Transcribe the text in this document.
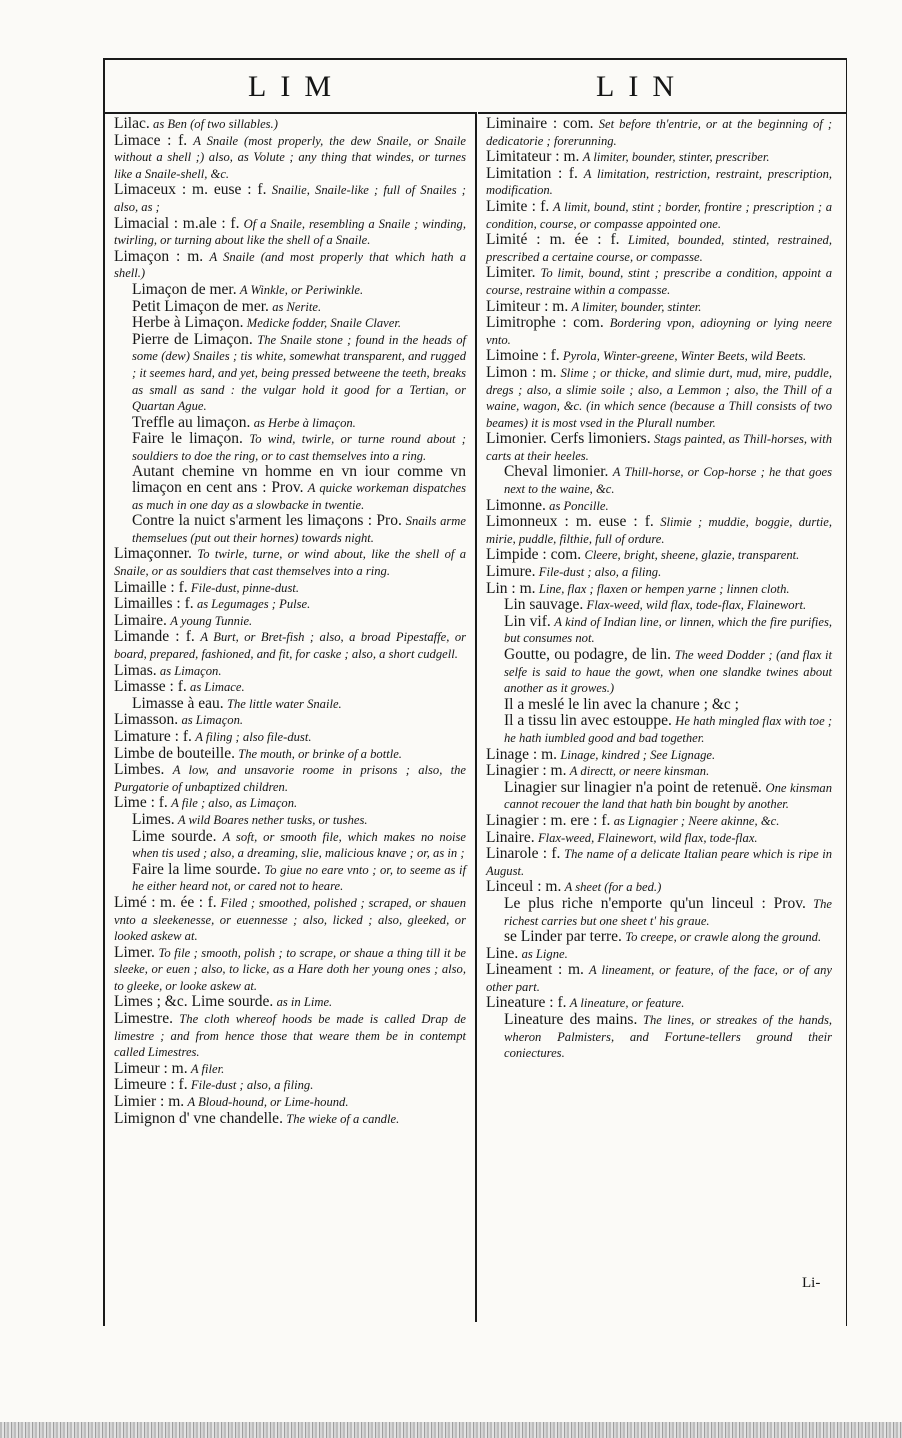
LIM	LIN

Lilac. as Ben (of two sillables.)

Limace : f. A Snaile (most properly, the dew Snaile, or Snaile without a shell ;) also, as Volute ; any thing that windes, or turnes like a Snaile-shell, &c.

Limaceux : m. euse : f. Snailie, Snaile-like ; full of Snailes ; also, as ;

Limacial : m.ale : f. Of a Snaile, resembling a Snaile ; winding, twirling, or turning about like the shell of a Snaile.

Limaçon : m. A Snaile (and most properly that which hath a shell.)

Limaçon de mer. A Winkle, or Periwinkle.

Petit Limaçon de mer. as Nerite.

Herbe à Limaçon. Medicke fodder, Snaile Claver.

Pierre de Limaçon. The Snaile stone ; found in the heads of some (dew) Snailes ; tis white, somewhat transparent, and rugged ; it seemes hard, and yet, being pressed betweene the teeth, breaks as small as sand : the vulgar hold it good for a Tertian, or Quartan Ague.

Treffle au limaçon. as Herbe à limaçon.

Faire le limaçon. To wind, twirle, or turne round about ; souldiers to doe the ring, or to cast themselves into a ring.

Autant chemine vn homme en vn iour comme vn limaçon en cent ans : Prov. A quicke workeman dispatches as much in one day as a slowbacke in twentie.

Contre la nuict s'arment les limaçons : Pro. Snails arme themselues (put out their hornes) towards night.

Limaçonner. To twirle, turne, or wind about, like the shell of a Snaile, or as souldiers that cast themselves into a ring.

Limaille : f. File-dust, pinne-dust.

Limailles : f. as Legumages ; Pulse.

Limaire. A young Tunnie.

Limande : f. A Burt, or Bret-fish ; also, a broad Pipestaffe, or board, prepared, fashioned, and fit, for caske ; also, a short cudgell.

Limas. as Limaçon.

Limasse : f. as Limace.

Limasse à eau. The little water Snaile.

Limasson. as Limaçon.

Limature : f. A filing ; also file-dust.

Limbe de bouteille. The mouth, or brinke of a bottle.

Limbes. A low, and unsavorie roome in prisons ; also, the Purgatorie of unbaptized children.

Lime : f. A file ; also, as Limaçon.

Limes. A wild Boares nether tusks, or tushes.

Lime sourde. A soft, or smooth file, which makes no noise when tis used ; also, a dreaming, slie, malicious knave ; or, as in ;

Faire la lime sourde. To giue no eare vnto ; or, to seeme as if he either heard not, or cared not to heare.

Limé : m. ée : f. Filed ; smoothed, polished ; scraped, or shauen vnto a sleekenesse, or euennesse ; also, licked ; also, gleeked, or looked askew at.

Limer. To file ; smooth, polish ; to scrape, or shaue a thing till it be sleeke, or euen ; also, to licke, as a Hare doth her young ones ; also, to gleeke, or looke askew at.

Limes ; &c. Lime sourde. as in Lime.

Limestre. The cloth whereof hoods be made is called Drap de limestre ; and from hence those that weare them be in contempt called Limestres.

Limeur : m. A filer.

Limeure : f. File-dust ; also, a filing.

Limier : m. A Bloud-hound, or Lime-hound.

Limignon d' vne chandelle. The wieke of a candle.

Liminaire : com. Set before th'entrie, or at the beginning of ; dedicatorie ; forerunning.

Limitateur : m. A limiter, bounder, stinter, prescriber.

Limitation : f. A limitation, restriction, restraint, prescription, modification.

Limite : f. A limit, bound, stint ; border, frontire ; prescription ; a condition, course, or compasse appointed one.

Limité : m. ée : f. Limited, bounded, stinted, restrained, prescribed a certaine course, or compasse.

Limiter. To limit, bound, stint ; prescribe a condition, appoint a course, restraine within a compasse.

Limiteur : m. A limiter, bounder, stinter.

Limitrophe : com. Bordering vpon, adioyning or lying neere vnto.

Limoine : f. Pyrola, Winter-greene, Winter Beets, wild Beets.

Limon : m. Slime ; or thicke, and slimie durt, mud, mire, puddle, dregs ; also, a slimie soile ; also, a Lemmon ; also, the Thill of a waine, wagon, &c. (in which sence (because a Thill consists of two beames) it is most vsed in the Plurall number.

Limonier. Cerfs limoniers. Stags painted, as Thill-horses, with carts at their heeles.

Cheval limonier. A Thill-horse, or Cop-horse ; he that goes next to the waine, &c.

Limonne. as Poncille.

Limonneux : m. euse : f. Slimie ; muddie, boggie, durtie, mirie, puddle, filthie, full of ordure.

Limpide : com. Cleere, bright, sheene, glazie, transparent.

Limure. File-dust ; also, a filing.

Lin : m. Line, flax ; flaxen or hempen yarne ; linnen cloth.

Lin sauvage. Flax-weed, wild flax, tode-flax, Flainewort.

Lin vif. A kind of Indian line, or linnen, which the fire purifies, but consumes not.

Goutte, ou podagre, de lin. The weed Dodder ; (and flax it selfe is said to haue the gowt, when one slandke twines about another as it growes.)

Il a meslé le lin avec la chanure ; &c ;

Il a tissu lin avec estouppe. He hath mingled flax with toe ; he hath iumbled good and bad together.

Linage : m. Linage, kindred ; See Lignage.

Linagier : m. A directt, or neere kinsman.

Linagier sur linagier n'a point de retenuë. One kinsman cannot recouer the land that hath bin bought by another.

Linagier : m. ere : f. as Lignagier ; Neere akinne, &c.

Linaire. Flax-weed, Flainewort, wild flax, tode-flax.

Linarole : f. The name of a delicate Italian peare which is ripe in August.

Linceul : m. A sheet (for a bed.)

Le plus riche n'emporte qu'un linceul : Prov. The richest carries but one sheet t' his graue.

se Linder par terre. To creepe, or crawle along the ground.

Line. as Ligne.

Lineament : m. A lineament, or feature, of the face, or of any other part.

Lineature : f. A lineature, or feature.

Lineature des mains. The lines, or streakes of the hands, wheron Palmisters, and Fortune-tellers ground their coniectures.

Li-
